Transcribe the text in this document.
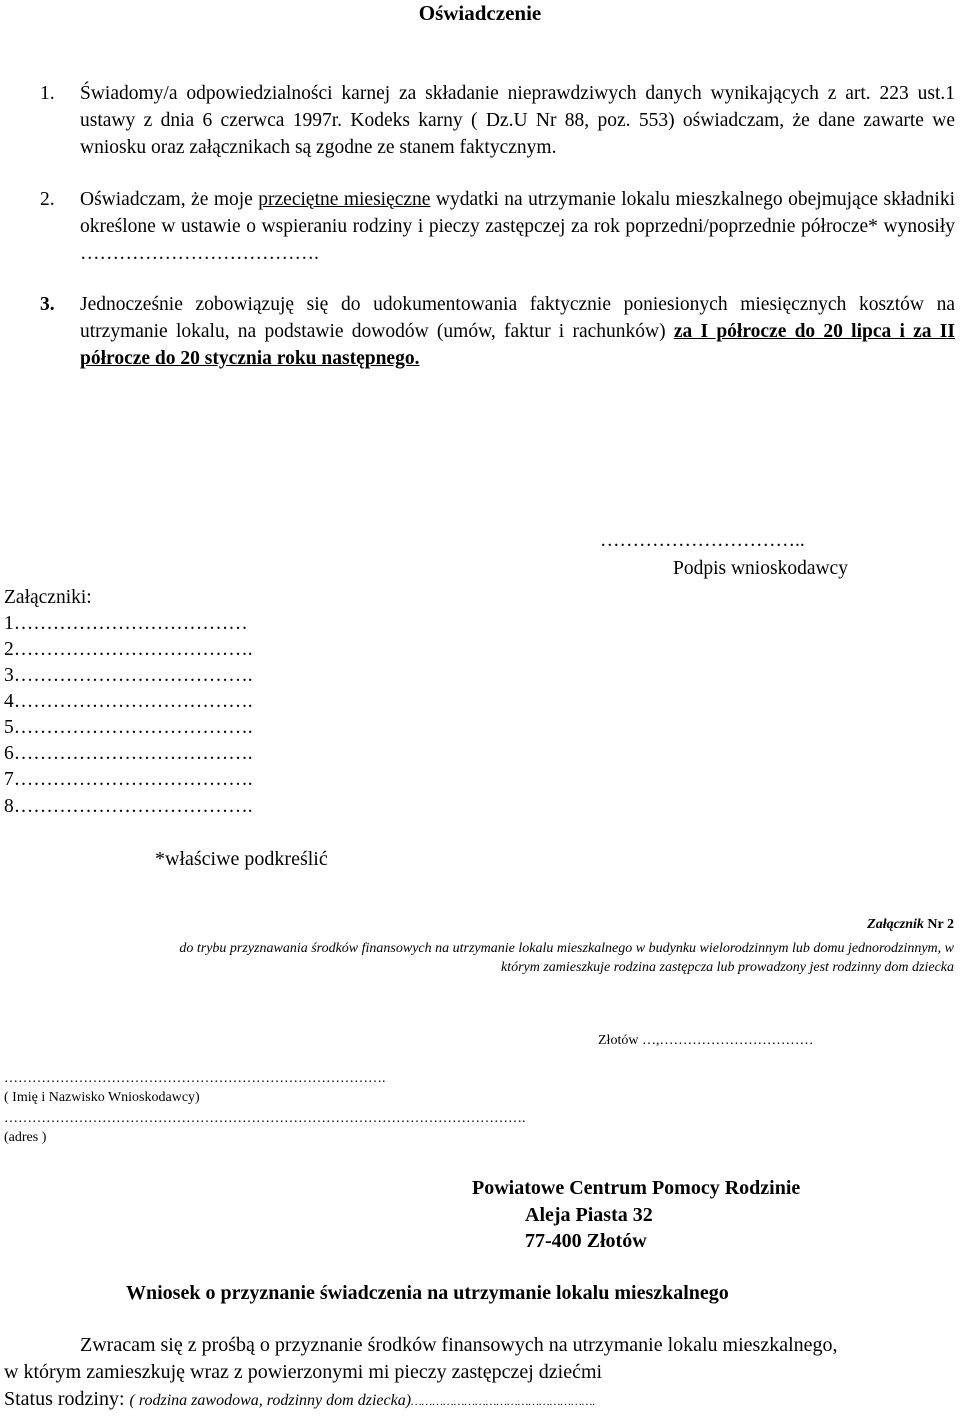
Oświadczenie
1. Świadomy/a odpowiedzialności karnej za składanie nieprawdziwych danych wynikających z art. 223 ust.1 ustawy z dnia 6 czerwca 1997r. Kodeks karny ( Dz.U Nr 88, poz. 553) oświadczam, że dane zawarte we wniosku oraz załącznikach są zgodne ze stanem faktycznym.
2. Oświadczam, że moje przeciętne miesięczne wydatki na utrzymanie lokalu mieszkalnego obejmujące składniki określone w ustawie o wspieraniu rodziny i pieczy zastępczej za rok poprzedni/poprzednie półrocze* wynosiły ……………………………….
3. Jednocześnie zobowiązuję się do udokumentowania faktycznie poniesionych miesięcznych kosztów na utrzymanie lokalu, na podstawie dowodów (umów, faktur i rachunków) za I półrocze do 20 lipca i za II półrocze do 20 stycznia roku następnego.
…………………………..
Podpis wnioskodawcy
Załączniki:
1………………………………
2……………………………….
3……………………………….
4……………………………….
5……………………………….
6……………………………….
7……………………………….
8……………………………….
*właściwe podkreślić
Załącznik Nr 2
do trybu przyznawania środków finansowych na utrzymanie lokalu mieszkalnego w budynku wielorodzinnym lub domu jednorodzinnym, w
którym zamieszkuje rodzina zastępcza lub prowadzony jest rodzinny dom dziecka
Złotów …,……………………………
……………………………………………………………………….
( Imię i Nazwisko Wnioskodawcy)
………………………………………………………………………………………………….
(adres )
Powiatowe Centrum Pomocy Rodzinie
Aleja Piasta 32
77-400 Złotów
Wniosek o przyznanie świadczenia na utrzymanie lokalu mieszkalnego
Zwracam się z prośbą o przyznanie środków finansowych na utrzymanie lokalu mieszkalnego,
w którym zamieszkuję wraz z powierzonymi mi pieczy zastępczej dziećmi
Status rodziny: ( rodzina zawodowa, rodzinny dom dziecka)…………………………………………….
